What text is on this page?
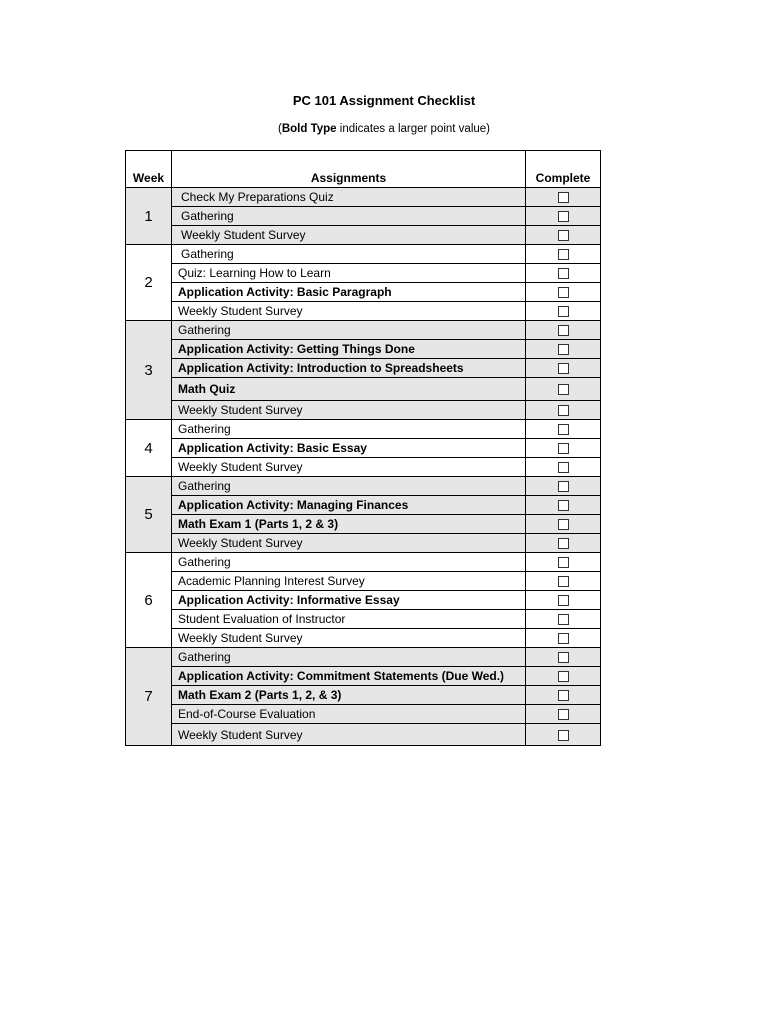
PC 101 Assignment Checklist
(Bold Type indicates a larger point value)
Week	Assignments	Complete
1	Check My Preparations Quiz	
	Gathering	
	Weekly Student Survey	
2	Gathering	
	Quiz: Learning How to Learn	
	Application Activity: Basic Paragraph	
	Weekly Student Survey	
3	Gathering	
	Application Activity: Getting Things Done	
	Application Activity: Introduction to Spreadsheets	
	Math Quiz	
	Weekly Student Survey	
4	Gathering	
	Application Activity: Basic Essay	
	Weekly Student Survey	
5	Gathering	
	Application Activity: Managing Finances	
	Math Exam 1 (Parts 1, 2 & 3)	
	Weekly Student Survey	
6	Gathering	
	Academic Planning Interest Survey	
	Application Activity: Informative Essay	
	Student Evaluation of Instructor	
	Weekly Student Survey	
7	Gathering	
	Application Activity: Commitment Statements (Due Wed.)	
	Math Exam 2 (Parts 1, 2, & 3)	
	End-of-Course Evaluation	
	Weekly Student Survey	
